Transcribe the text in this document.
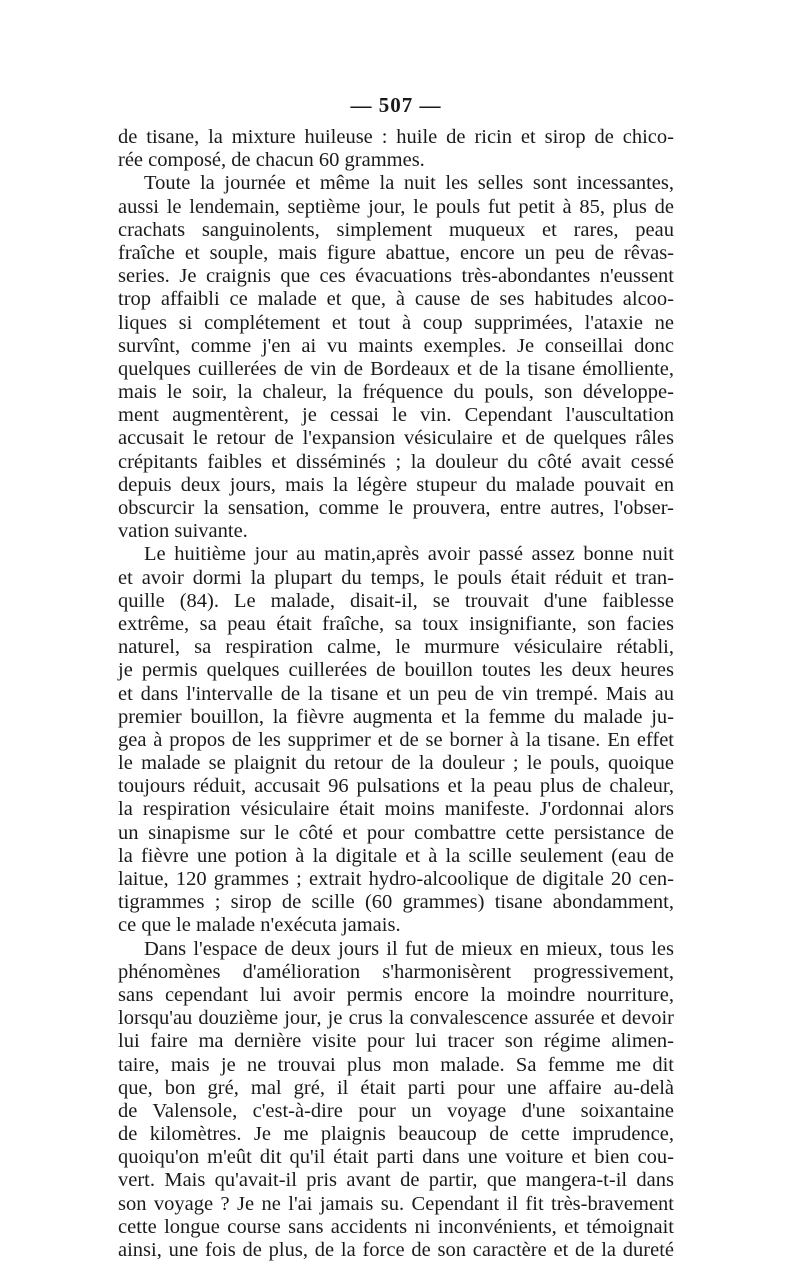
— 507 —
de tisane, la mixture huileuse : huile de ricin et sirop de chico-
rée composé, de chacun 60 grammes.
Toute la journée et même la nuit les selles sont incessantes,
aussi le lendemain, septième jour, le pouls fut petit à 85, plus de
crachats sanguinolents, simplement muqueux et rares, peau
fraîche et souple, mais figure abattue, encore un peu de rêvas-
series. Je craignis que ces évacuations très-abondantes n'eussent
trop affaibli ce malade et que, à cause de ses habitudes alcoo-
liques si complétement et tout à coup supprimées, l'ataxie ne
survînt, comme j'en ai vu maints exemples. Je conseillai donc
quelques cuillerées de vin de Bordeaux et de la tisane émolliente,
mais le soir, la chaleur, la fréquence du pouls, son développe-
ment augmentèrent, je cessai le vin. Cependant l'auscultation
accusait le retour de l'expansion vésiculaire et de quelques râles
crépitants faibles et disséminés ; la douleur du côté avait cessé
depuis deux jours, mais la légère stupeur du malade pouvait en
obscurcir la sensation, comme le prouvera, entre autres, l'obser-
vation suivante.
Le huitième jour au matin,après avoir passé assez bonne nuit
et avoir dormi la plupart du temps, le pouls était réduit et tran-
quille (84). Le malade, disait-il, se trouvait d'une faiblesse
extrême, sa peau était fraîche, sa toux insignifiante, son facies
naturel, sa respiration calme, le murmure vésiculaire rétabli,
je permis quelques cuillerées de bouillon toutes les deux heures
et dans l'intervalle de la tisane et un peu de vin trempé. Mais au
premier bouillon, la fièvre augmenta et la femme du malade ju-
gea à propos de les supprimer et de se borner à la tisane. En effet
le malade se plaignit du retour de la douleur ; le pouls, quoique
toujours réduit, accusait 96 pulsations et la peau plus de chaleur,
la respiration vésiculaire était moins manifeste. J'ordonnai alors
un sinapisme sur le côté et pour combattre cette persistance de
la fièvre une potion à la digitale et à la scille seulement (eau de
laitue, 120 grammes ; extrait hydro-alcoolique de digitale 20 cen-
tigrammes ; sirop de scille (60 grammes) tisane abondamment,
ce que le malade n'exécuta jamais.
Dans l'espace de deux jours il fut de mieux en mieux, tous les
phénomènes d'amélioration s'harmonisèrent progressivement,
sans cependant lui avoir permis encore la moindre nourriture,
lorsqu'au douzième jour, je crus la convalescence assurée et devoir
lui faire ma dernière visite pour lui tracer son régime alimen-
taire, mais je ne trouvai plus mon malade. Sa femme me dit
que, bon gré, mal gré, il était parti pour une affaire au-delà
de Valensole, c'est-à-dire pour un voyage d'une soixantaine
de kilomètres. Je me plaignis beaucoup de cette imprudence,
quoiqu'on m'eût dit qu'il était parti dans une voiture et bien cou-
vert. Mais qu'avait-il pris avant de partir, que mangera-t-il dans
son voyage ? Je ne l'ai jamais su. Cependant il fit très-bravement
cette longue course sans accidents ni inconvénients, et témoignait
ainsi, une fois de plus, de la force de son caractère et de la dureté
